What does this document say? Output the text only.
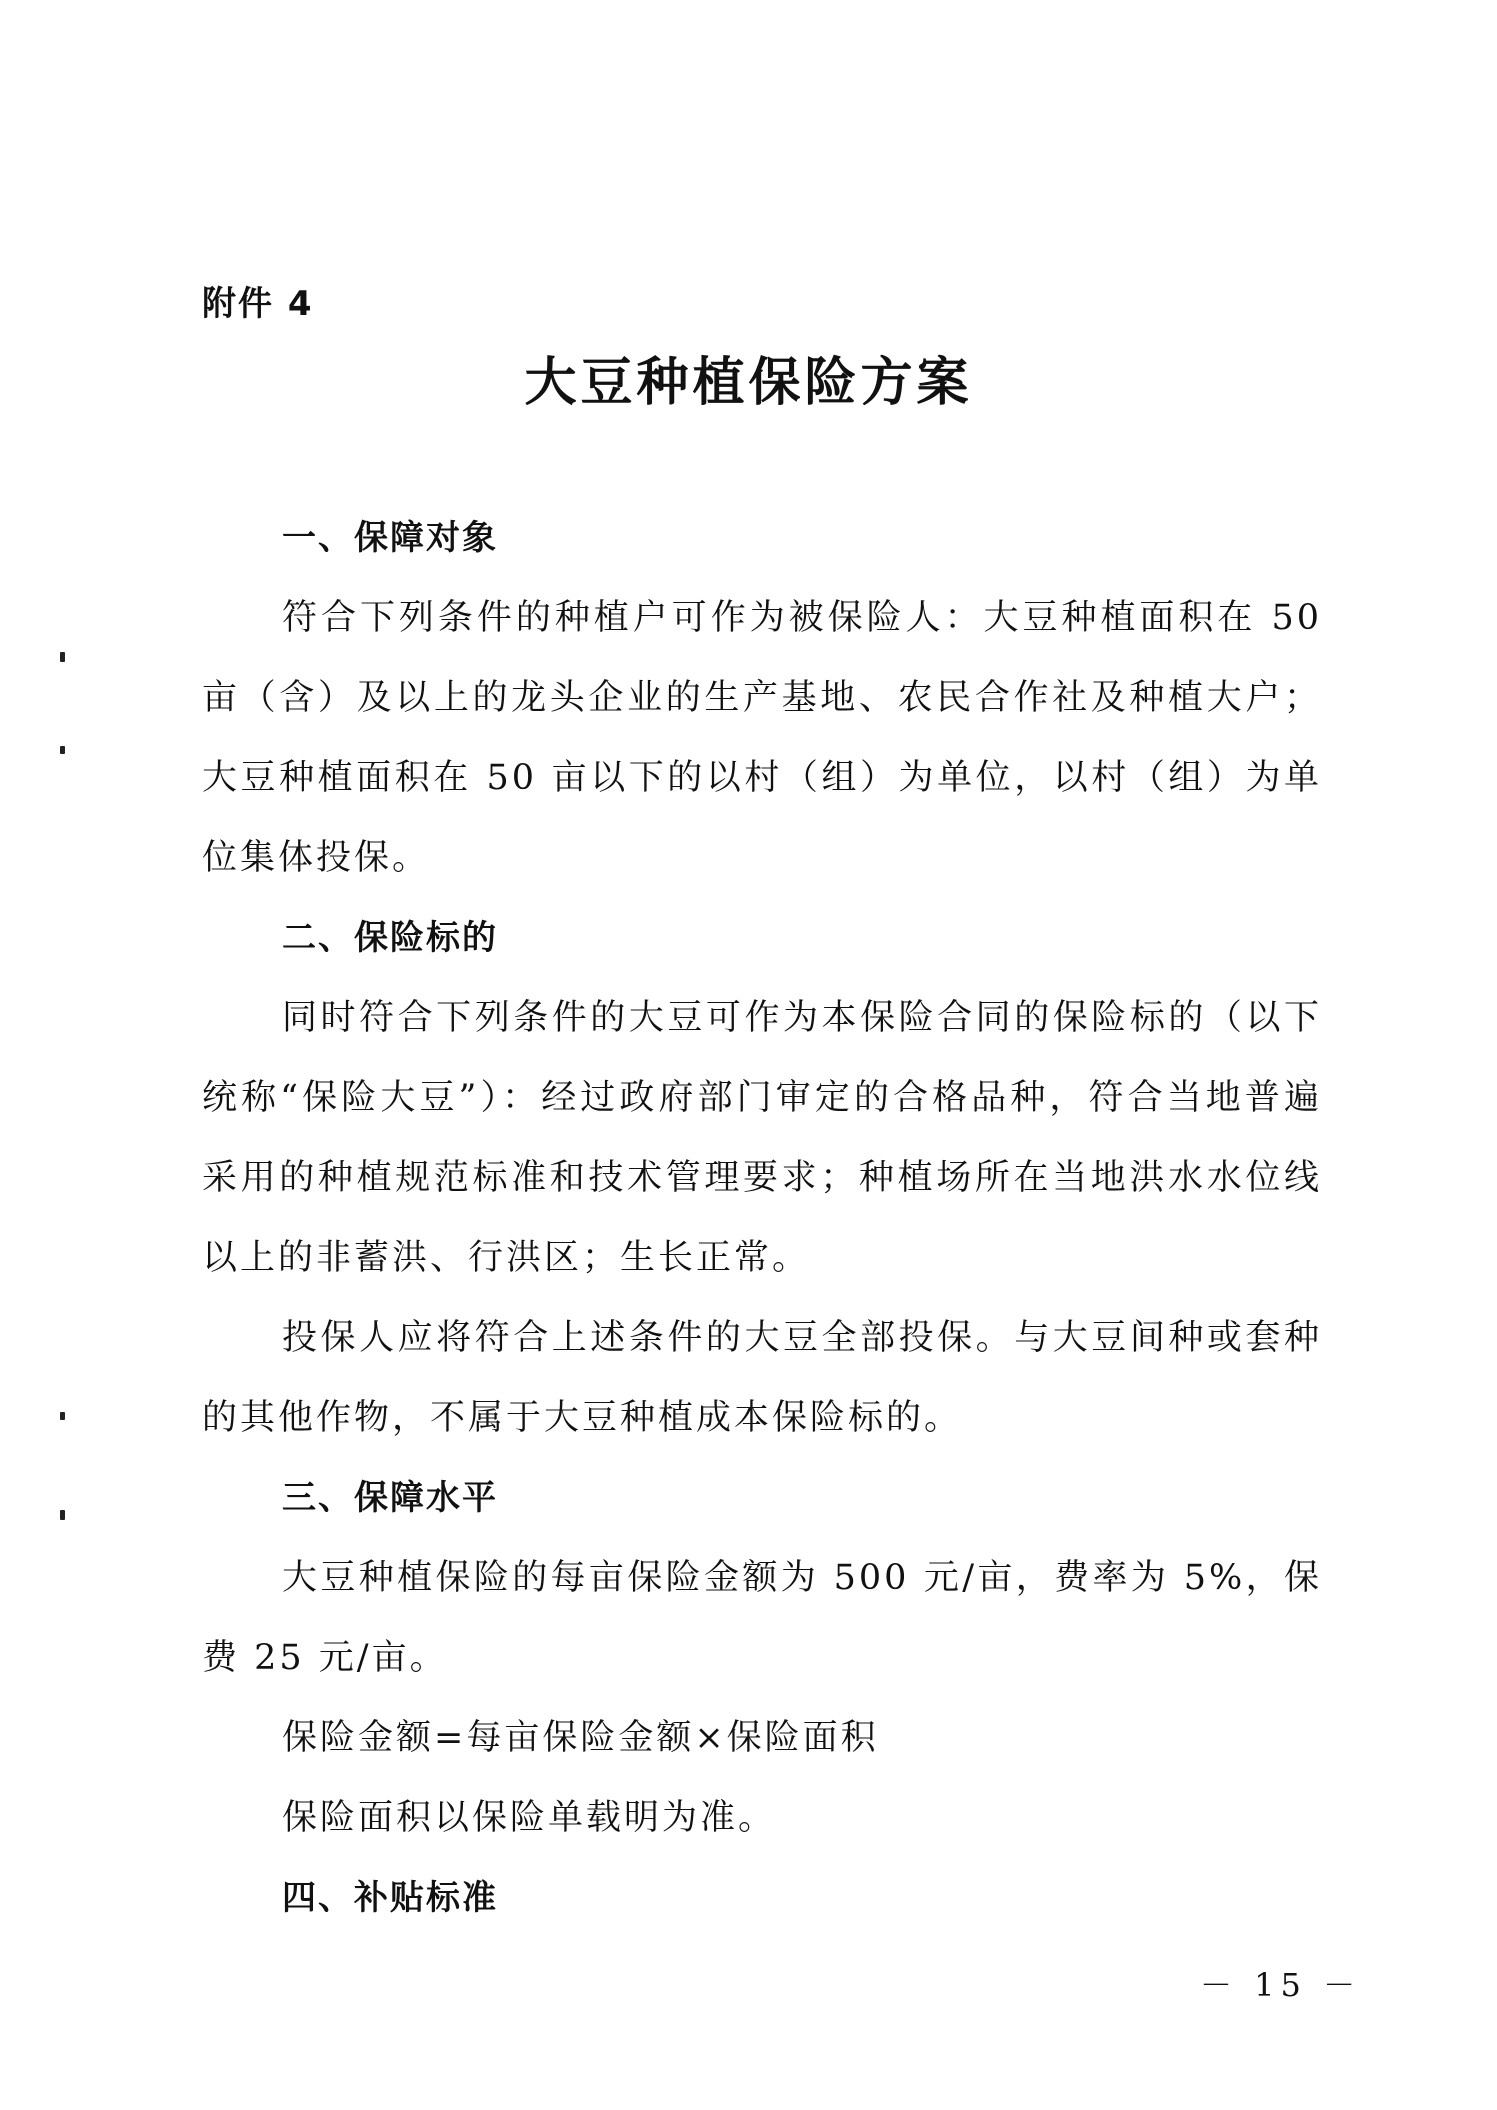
附件 4
大豆种植保险方案
一、保障对象

符合下列条件的种植户可作为被保险人：大豆种植面积在 50 亩（含）及以上的龙头企业的生产基地、农民合作社及种植大户；大豆种植面积在 50 亩以下的以村（组）为单位，以村（组）为单位集体投保。

二、保险标的

同时符合下列条件的大豆可作为本保险合同的保险标的（以下统称“保险大豆”）：经过政府部门审定的合格品种，符合当地普遍采用的种植规范标准和技术管理要求；种植场所在当地洪水水位线以上的非蓄洪、行洪区；生长正常。

投保人应将符合上述条件的大豆全部投保。与大豆间种或套种的其他作物，不属于大豆种植成本保险标的。

三、保障水平

大豆种植保险的每亩保险金额为 500 元/亩，费率为 5%，保费 25 元/亩。

保险金额=每亩保险金额×保险面积
保险面积以保险单载明为准。
四、补贴标准
－ 15 －
